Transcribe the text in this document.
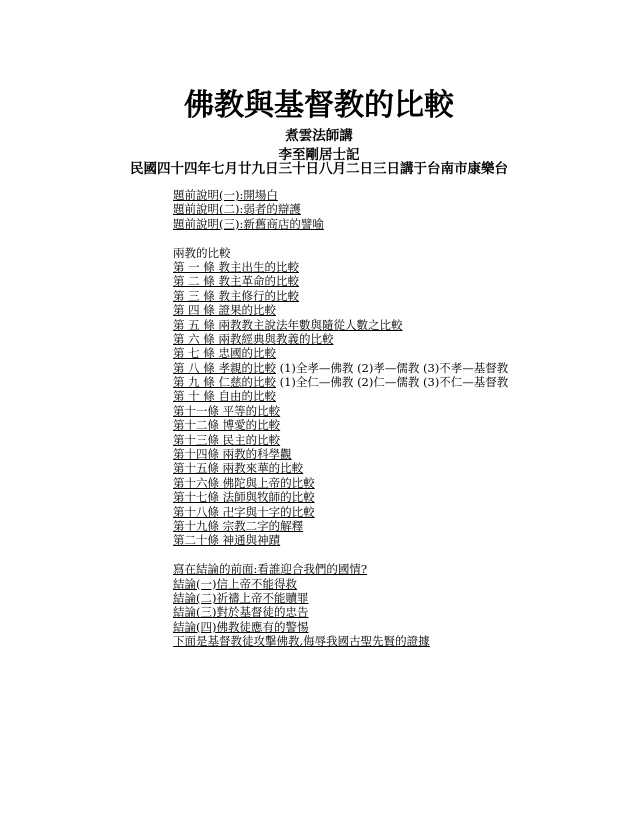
佛教與基督教的比較
煮雲法師講
李至剛居士記
民國四十四年七月廿九日三十日八月二日三日講于台南市康樂台
題前說明(一):開場白
題前說明(二):弱者的辯護
題前說明(三):新舊商店的譬喻
兩教的比較
第 一 條 教主出生的比較
第 二 條 教主革命的比較
第 三 條 教主修行的比較
第 四 條 證果的比較
第 五 條 兩教教主說法年數與隨從人數之比較
第 六 條 兩教經典與教義的比較
第 七 條 忠國的比較
第 八 條 孝親的比較 (1)全孝—佛教 (2)孝—儒教 (3)不孝—基督教
第 九 條 仁慈的比較 (1)全仁—佛教 (2)仁—儒教 (3)不仁—基督教
第 十 條 自由的比較
第十一條 平等的比較
第十二條 博愛的比較
第十三條 民主的比較
第十四條 兩教的科學觀
第十五條 兩教來華的比較
第十六條 佛陀與上帝的比較
第十七條 法師與牧師的比較
第十八條 卍字與十字的比較
第十九條 宗教二字的解釋
第二十條 神通與神蹟
寫在結論的前面:看誰迎合我們的國情?
結論(一)信上帝不能得救
結論(二)祈禱上帝不能贖罪
結論(三)對於基督徒的忠告
結論(四)佛教徒應有的警惕
下面是基督教徒攻擊佛教,侮辱我國古聖先賢的證據
